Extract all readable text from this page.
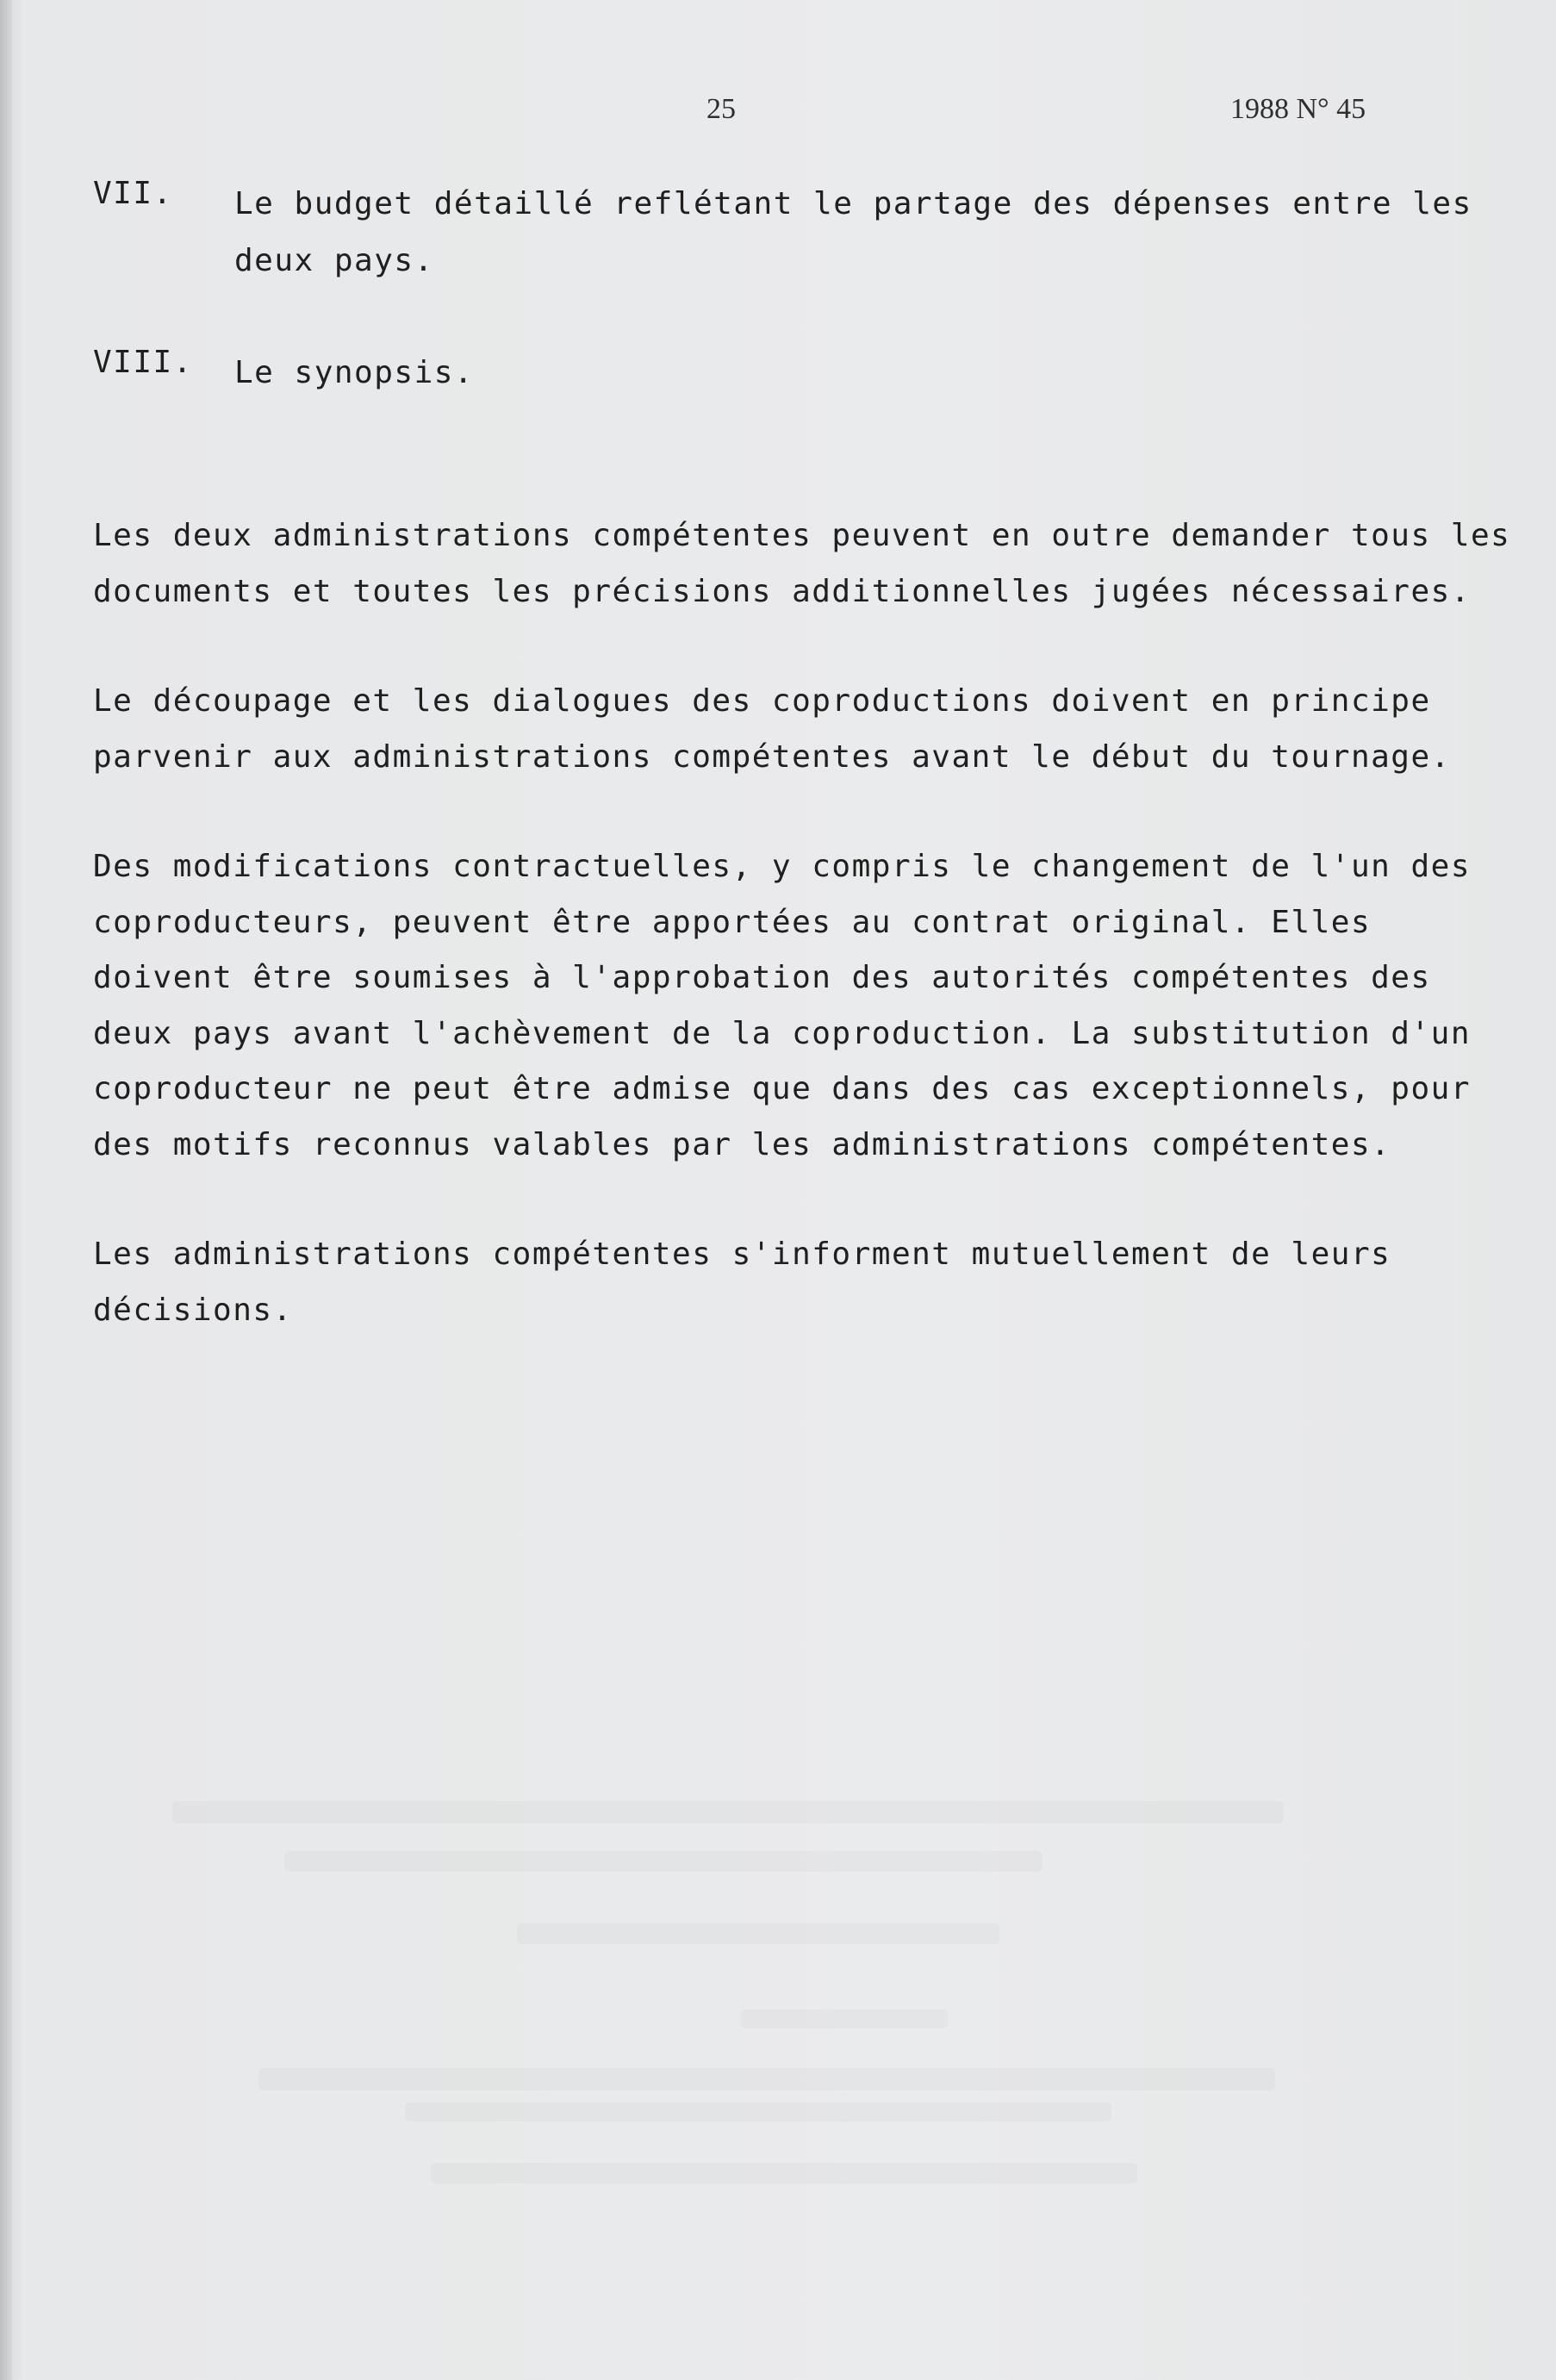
25	1988 N° 45
VII. Le budget détaillé reflétant le partage des dépenses entre les
deux pays.
VIII. Le synopsis.
Les deux administrations compétentes peuvent en outre demander tous les
documents et toutes les précisions additionnelles jugées nécessaires.
Le découpage et les dialogues des coproductions doivent en principe
parvenir aux administrations compétentes avant le début du tournage.
Des modifications contractuelles, y compris le changement de l'un des
coproducteurs, peuvent être apportées au contrat original. Elles
doivent être soumises à l'approbation des autorités compétentes des
deux pays avant l'achèvement de la coproduction. La substitution d'un
coproducteur ne peut être admise que dans des cas exceptionnels, pour
des motifs reconnus valables par les administrations compétentes.
Les administrations compétentes s'informent mutuellement de leurs
décisions.
